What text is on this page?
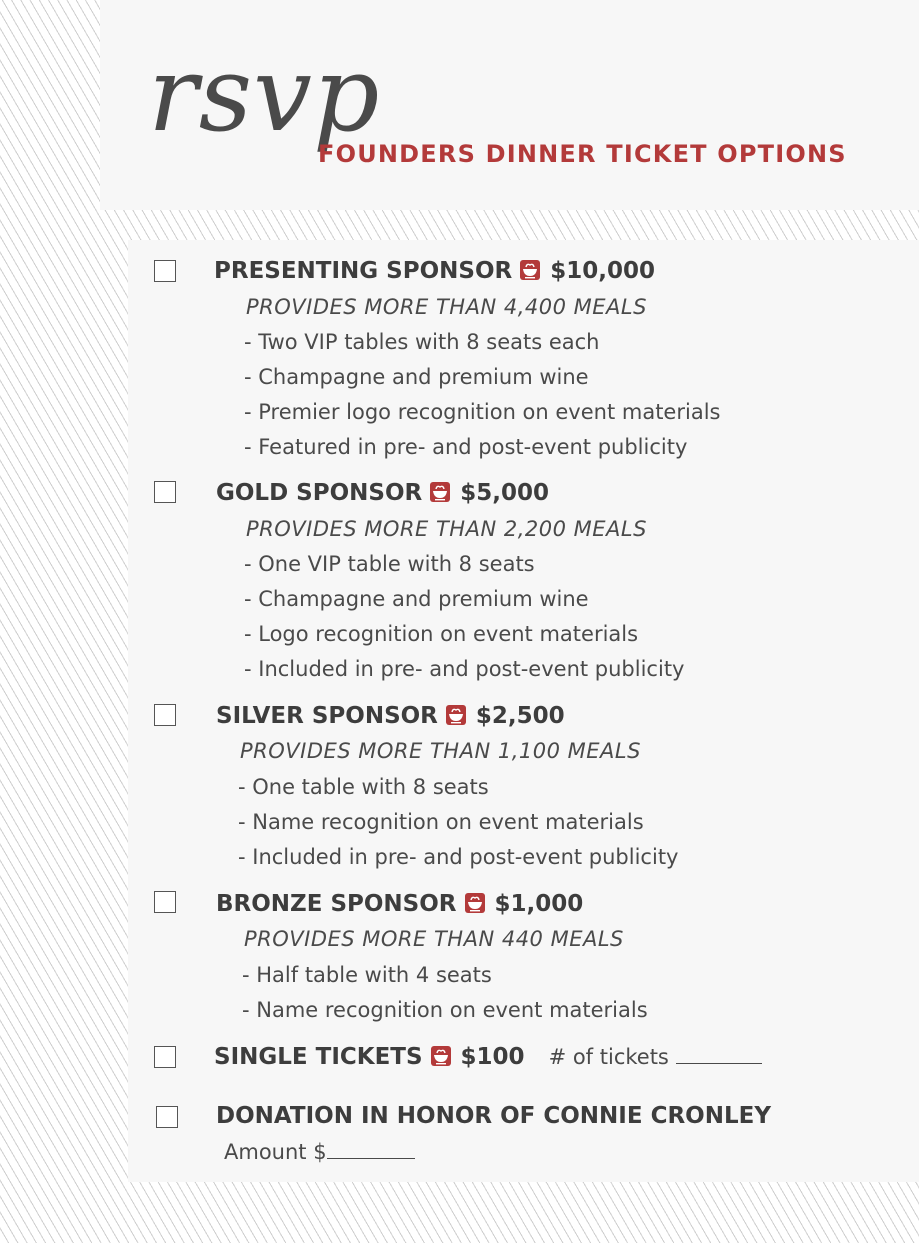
rsvp
FOUNDERS DINNER TICKET OPTIONS
PRESENTING SPONSOR $10,000
PROVIDES MORE THAN 4,400 MEALS
- Two VIP tables with 8 seats each
- Champagne and premium wine
- Premier logo recognition on event materials
- Featured in pre- and post-event publicity
GOLD SPONSOR $5,000
PROVIDES MORE THAN 2,200 MEALS
- One VIP table with 8 seats
- Champagne and premium wine
- Logo recognition on event materials
- Included in pre- and post-event publicity
SILVER SPONSOR $2,500
PROVIDES MORE THAN 1,100 MEALS
- One table with 8 seats
- Name recognition on event materials
- Included in pre- and post-event publicity
BRONZE SPONSOR $1,000
PROVIDES MORE THAN 440 MEALS
- Half table with 4 seats
- Name recognition on event materials
SINGLE TICKETS $100 # of tickets
DONATION IN HONOR OF CONNIE CRONLEY
Amount $
